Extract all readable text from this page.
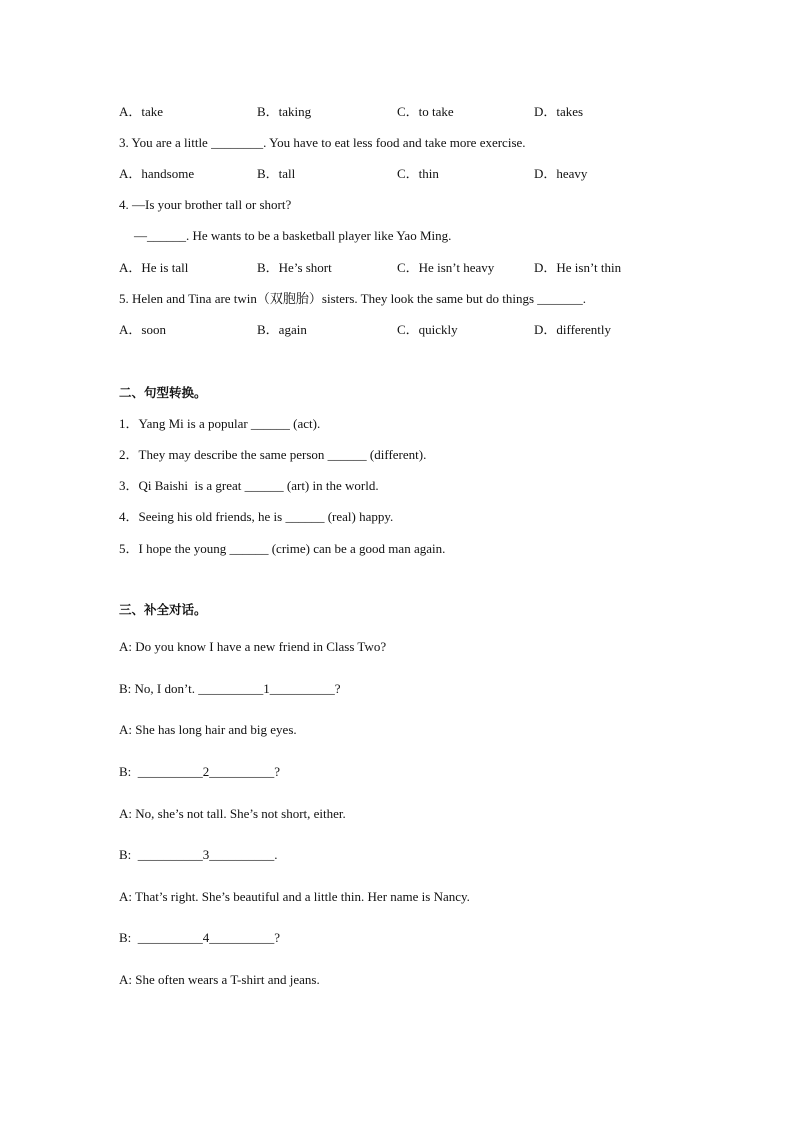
A．take	B．taking	C．to take	D．takes
3. You are a little ________. You have to eat less food and take more exercise.
A．handsome	B．tall	C．thin	D．heavy
4. —Is your brother tall or short?
—______. He wants to be a basketball player like Yao Ming.
A．He is tall	B．He’s short	C．He isn’t heavy	D．He isn’t thin
5. Helen and Tina are twin（双胞胎）sisters. They look the same but do things _______.
A．soon	B．again	C．quickly	D．differently
二、句型转换。
1．Yang Mi is a popular ______ (act).
2．They may describe the same person ______ (different).
3．Qi Baishi  is a great ______ (art) in the world.
4．Seeing his old friends, he is ______ (real) happy.
5．I hope the young ______ (crime) can be a good man again.
三、补全对话。
A: Do you know I have a new friend in Class Two?
B: No, I don’t. __________1__________?
A: She has long hair and big eyes.
B:  __________2__________?
A: No, she’s not tall. She’s not short, either.
B:  __________3__________.
A: That’s right. She’s beautiful and a little thin. Her name is Nancy.
B:  __________4__________?
A: She often wears a T-shirt and jeans.
